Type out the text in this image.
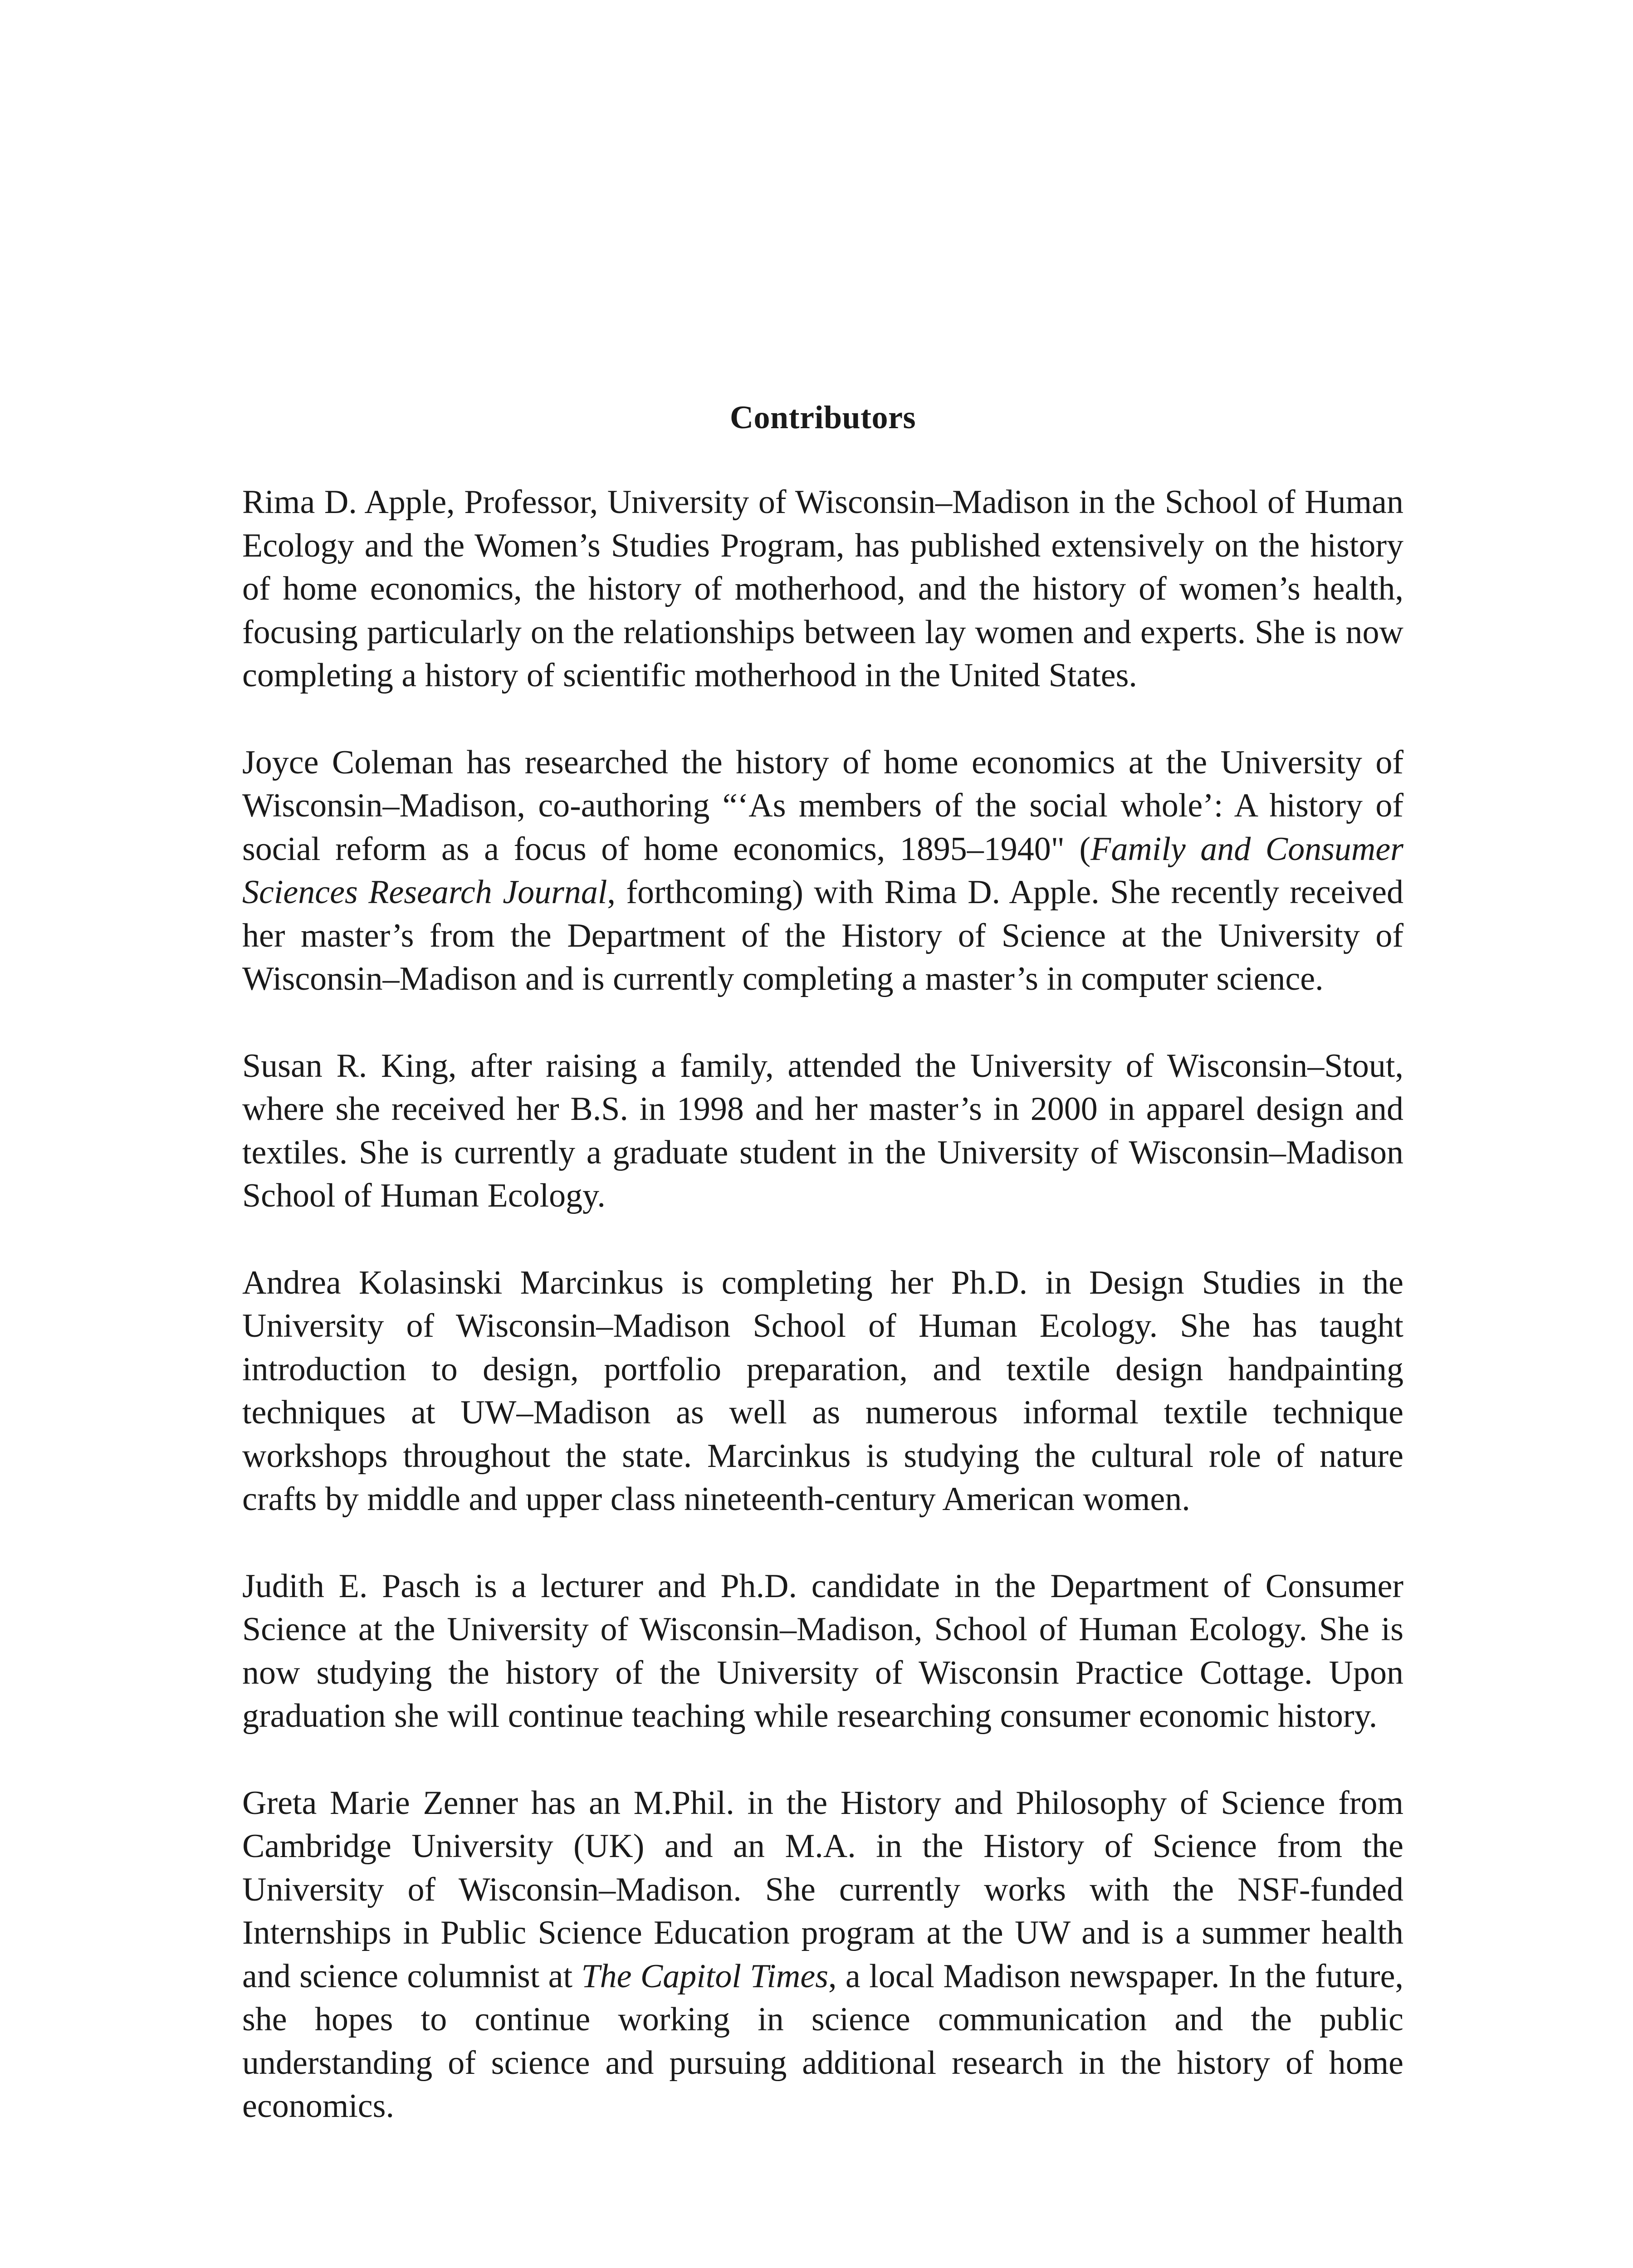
Contributors

Rima D. Apple, Professor, University of Wisconsin–Madison in the School of Human Ecology and the Women’s Studies Program, has published extensively on the history of home economics, the history of motherhood, and the history of women’s health, focusing particularly on the relationships between lay women and experts. She is now completing a history of scientific motherhood in the United States.

Joyce Coleman has researched the history of home economics at the University of Wisconsin–Madison, co-authoring “‘As members of the social whole’: A history of social reform as a focus of home economics, 1895–1940" (Family and Consumer Sciences Research Journal, forthcoming) with Rima D. Apple. She recently received her master’s from the Department of the History of Science at the University of Wisconsin–Madison and is currently completing a master’s in computer science.

Susan R. King, after raising a family, attended the University of Wisconsin–Stout, where she received her B.S. in 1998 and her master’s in 2000 in apparel design and textiles. She is currently a graduate student in the University of Wisconsin–Madison School of Human Ecology.

Andrea Kolasinski Marcinkus is completing her Ph.D. in Design Studies in the University of Wisconsin–Madison School of Human Ecology. She has taught introduction to design, portfolio preparation, and textile design handpainting techniques at UW–Madison as well as numerous informal textile technique workshops throughout the state. Marcinkus is studying the cultural role of nature crafts by middle and upper class nineteenth-century American women.

Judith E. Pasch is a lecturer and Ph.D. candidate in the Department of Consumer Science at the University of Wisconsin–Madison, School of Human Ecology. She is now studying the history of the University of Wisconsin Practice Cottage. Upon graduation she will continue teaching while researching consumer economic history.

Greta Marie Zenner has an M.Phil. in the History and Philosophy of Science from Cambridge University (UK) and an M.A. in the History of Science from the University of Wisconsin–Madison. She currently works with the NSF-funded Internships in Public Science Education program at the UW and is a summer health and science columnist at The Capitol Times, a local Madison newspaper. In the future, she hopes to continue working in science communication and the public understanding of science and pursuing additional research in the history of home economics.
